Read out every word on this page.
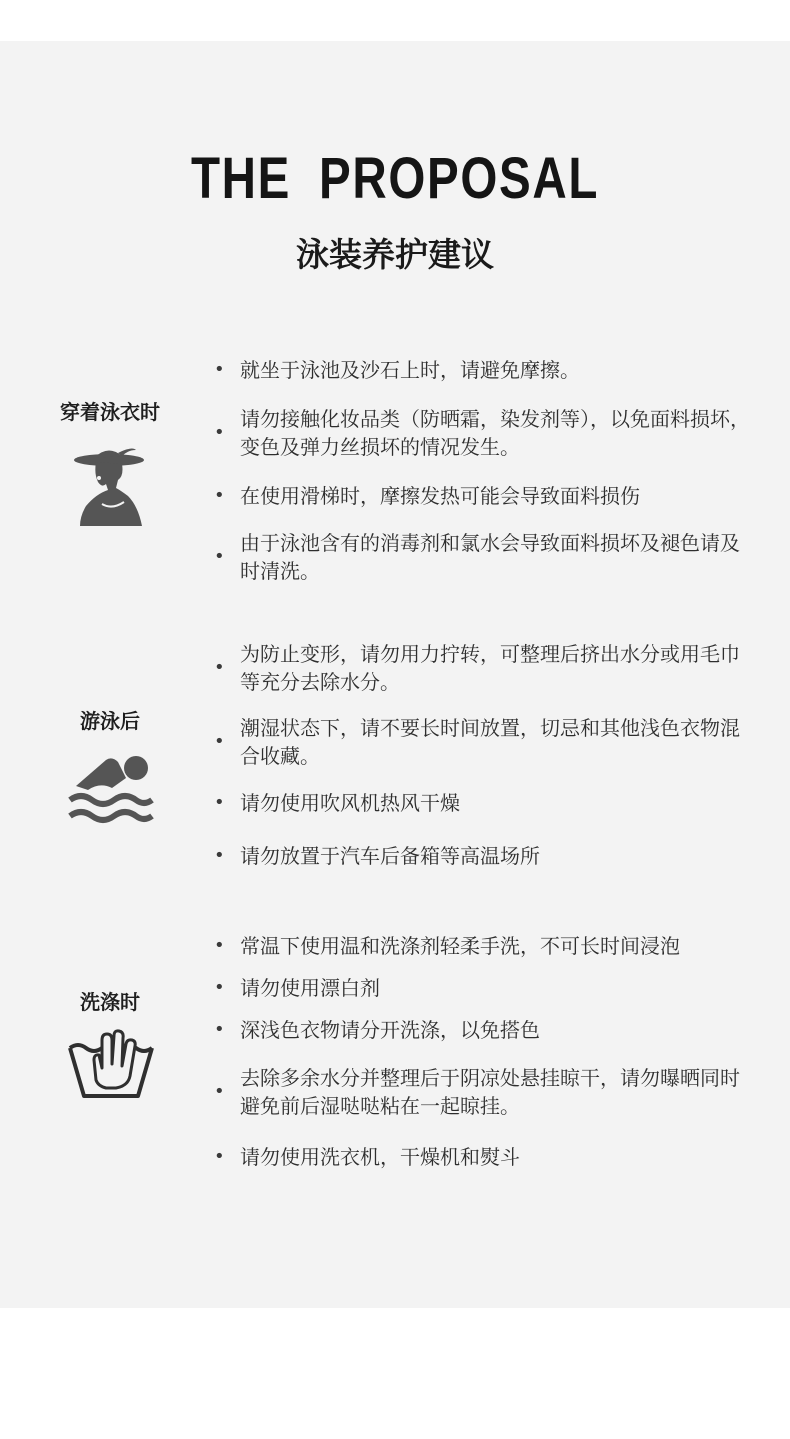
THE PROPOSAL
泳装养护建议
穿着泳衣时
• 就坐于泳池及沙石上时，请避免摩擦。
•
请勿接触化妆品类（防晒霜，染发剂等），以免面料损坏，变色及弹力丝损坏的情况发生。
• 在使用滑梯时，摩擦发热可能会导致面料损伤
•
由于泳池含有的消毒剂和氯水会导致面料损坏及褪色请及时清洗。
游泳后
•
为防止变形，请勿用力拧转，可整理后挤出水分或用毛巾等充分去除水分。
•
潮湿状态下，请不要长时间放置，切忌和其他浅色衣物混合收藏。
• 请勿使用吹风机热风干燥
• 请勿放置于汽车后备箱等高温场所
洗涤时
• 常温下使用温和洗涤剂轻柔手洗，不可长时间浸泡
• 请勿使用漂白剂
• 深浅色衣物请分开洗涤，以免搭色
•
去除多余水分并整理后于阴凉处悬挂晾干，请勿曝晒同时避免前后湿哒哒粘在一起晾挂。
• 请勿使用洗衣机，干燥机和熨斗
